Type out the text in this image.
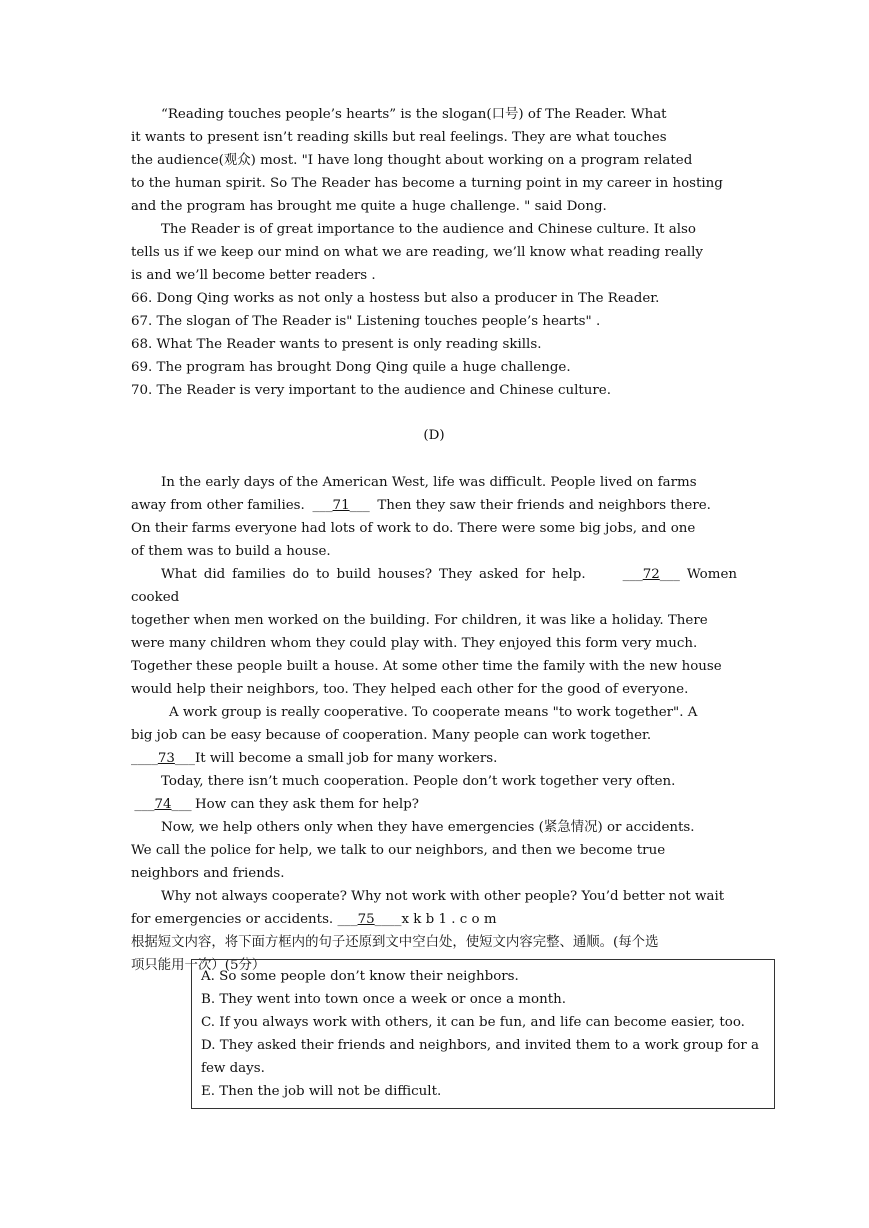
“Reading touches people’s hearts” is the slogan(口号) of The Reader. What

it wants to present isn’t reading skills but real feelings. They are what touches

the audience(观众) most. "I have long thought about working on a program related

to the human spirit. So The Reader has become a turning point in my career in hosting

and the program has brought me quite a huge challenge. " said Dong.

The Reader is of great importance to the audience and Chinese culture. It also

tells us if we keep our mind on what we are reading, we’ll know what reading really

is and we’ll become better readers .

66. Dong Qing works as not only a hostess but also a producer in The Reader.

67. The slogan of The Reader is" Listening touches people’s hearts" .

68. What The Reader wants to present is only reading skills.

69. The program has brought Dong Qing quile a huge challenge.

70. The Reader is very important to the audience and Chinese culture.

(D)

In the early days of the American West, life was difficult. People lived on farms

away from other families. ___71___ Then they saw their friends and neighbors there.

On their farms everyone had lots of work to do. There were some big jobs, and one

of them was to build a house.

What did families do to build houses? They asked for help. ___72___ Women cooked

together when men worked on the building. For children, it was like a holiday. There

were many children whom they could play with. They enjoyed this form very much.

Together these people built a house. At some other time the family with the new house

would help their neighbors, too. They helped each other for the good of everyone.

A work group is really cooperative. To cooperate means "to work together". A

big job can be easy because of cooperation. Many people can work together.

____73___It will become a small job for many workers.

Today, there isn’t much cooperation. People don’t work together very often.

___74___ How can they ask them for help?

Now, we help others only when they have emergencies (紧急情况) or accidents.

We call the police for help, we talk to our neighbors, and then we become true

neighbors and friends.

Why not always cooperate? Why not work with other people? You’d better not wait

for emergencies or accidents. ___75____x k b 1 . c o m

根据短文内容，将下面方框内的句子还原到文中空白处，使短文内容完整、通顺。(每个选

项只能用一次）(5分）

A. So some people don’t know their neighbors.

B. They went into town once a week or once a month.

C. If you always work with others, it can be fun, and life can become easier, too.

D. They asked their friends and neighbors, and invited them to a work group for a few days.

E. Then the job will not be difficult.
